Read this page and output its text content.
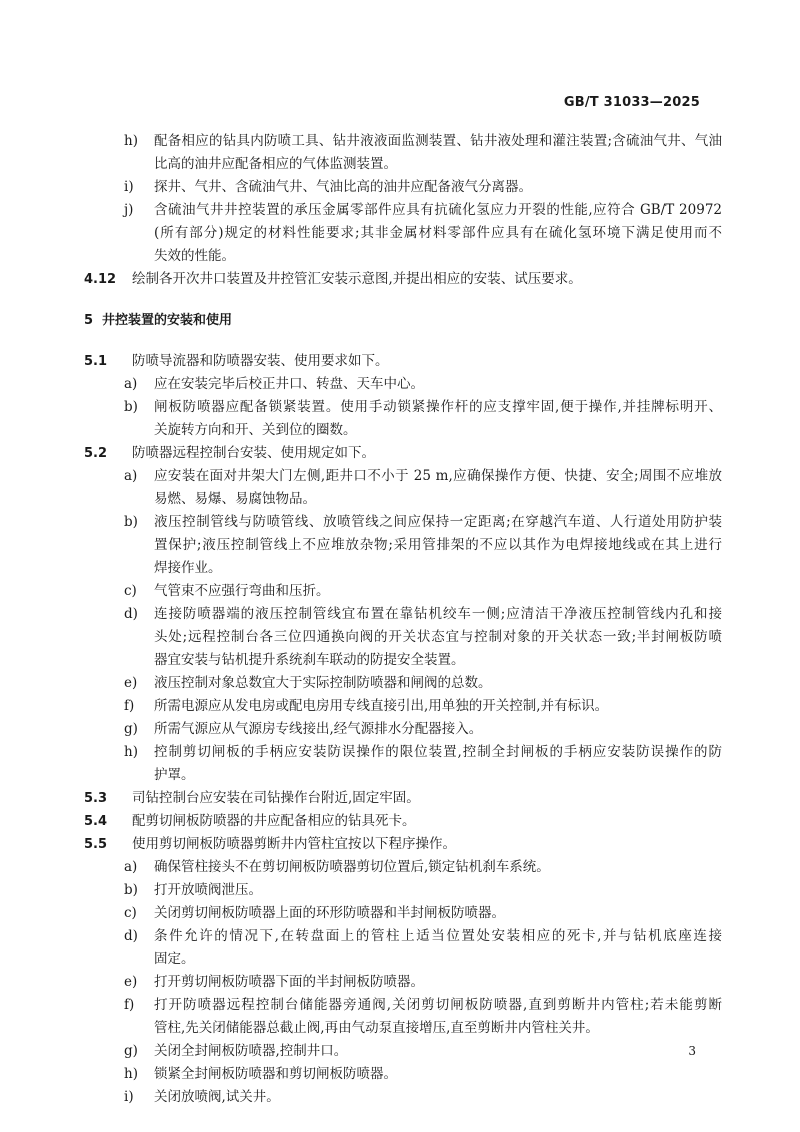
GB/T 31033—2025
h)	配备相应的钻具内防喷工具、钻井液液面监测装置、钻井液处理和灌注装置;含硫油气井、气油
比高的油井应配备相应的气体监测装置。
i)	探井、气井、含硫油气井、气油比高的油井应配备液气分离器。
j)	含硫油气井井控装置的承压金属零部件应具有抗硫化氢应力开裂的性能,应符合 GB/T 20972
(所有部分)规定的材料性能要求;其非金属材料零部件应具有在硫化氢环境下满足使用而不
失效的性能。
4.12	绘制各开次井口装置及井控管汇安装示意图,并提出相应的安装、试压要求。
5 井控装置的安装和使用
5.1	防喷导流器和防喷器安装、使用要求如下。
a)	应在安装完毕后校正井口、转盘、天车中心。
b)	闸板防喷器应配备锁紧装置。使用手动锁紧操作杆的应支撑牢固,便于操作,并挂牌标明开、
关旋转方向和开、关到位的圈数。
5.2	防喷器远程控制台安装、使用规定如下。
a)	应安装在面对井架大门左侧,距井口不小于 25 m,应确保操作方便、快捷、安全;周围不应堆放
易燃、易爆、易腐蚀物品。
b)	液压控制管线与防喷管线、放喷管线之间应保持一定距离;在穿越汽车道、人行道处用防护装
置保护;液压控制管线上不应堆放杂物;采用管排架的不应以其作为电焊接地线或在其上进行
焊接作业。
c)	气管束不应强行弯曲和压折。
d)	连接防喷器端的液压控制管线宜布置在靠钻机绞车一侧;应清洁干净液压控制管线内孔和接
头处;远程控制台各三位四通换向阀的开关状态宜与控制对象的开关状态一致;半封闸板防喷
器宜安装与钻机提升系统刹车联动的防提安全装置。
e)	液压控制对象总数宜大于实际控制防喷器和闸阀的总数。
f)	所需电源应从发电房或配电房用专线直接引出,用单独的开关控制,并有标识。
g)	所需气源应从气源房专线接出,经气源排水分配器接入。
h)	控制剪切闸板的手柄应安装防误操作的限位装置,控制全封闸板的手柄应安装防误操作的防
护罩。
5.3	司钻控制台应安装在司钻操作台附近,固定牢固。
5.4	配剪切闸板防喷器的井应配备相应的钻具死卡。
5.5	使用剪切闸板防喷器剪断井内管柱宜按以下程序操作。
a)	确保管柱接头不在剪切闸板防喷器剪切位置后,锁定钻机刹车系统。
b)	打开放喷阀泄压。
c)	关闭剪切闸板防喷器上面的环形防喷器和半封闸板防喷器。
d)	条件允许的情况下,在转盘面上的管柱上适当位置处安装相应的死卡,并与钻机底座连接
固定。
e)	打开剪切闸板防喷器下面的半封闸板防喷器。
f)	打开防喷器远程控制台储能器旁通阀,关闭剪切闸板防喷器,直到剪断井内管柱;若未能剪断
管柱,先关闭储能器总截止阀,再由气动泵直接增压,直至剪断井内管柱关井。
g)	关闭全封闸板防喷器,控制井口。
h)	锁紧全封闸板防喷器和剪切闸板防喷器。
i)	关闭放喷阀,试关井。
3
